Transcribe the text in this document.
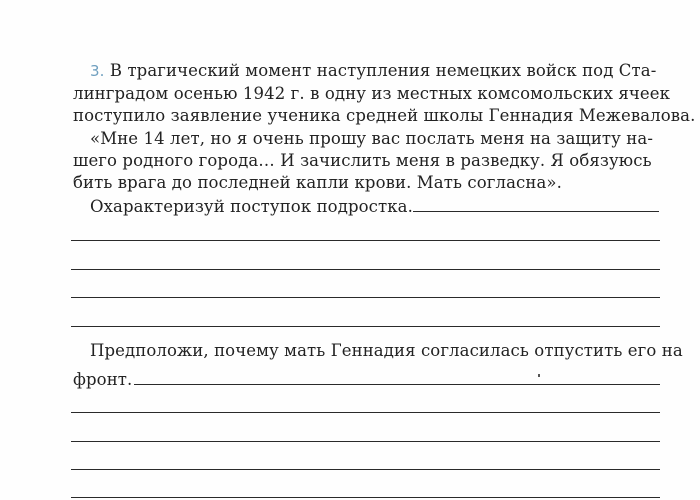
3. В трагический момент наступления немецких войск под Ста-
линградом осенью 1942 г. в одну из местных комсомольских ячеек
поступило заявление ученика средней школы Геннадия Межевалова.
«Мне 14 лет, но я очень прошу вас послать меня на защиту на-
шего родного города… И зачислить меня в разведку. Я обязуюсь
бить врага до последней капли крови. Мать согласна».
Охарактеризуй поступок подростка.
Предположи, почему мать Геннадия согласилась отпустить его на
фронт.
